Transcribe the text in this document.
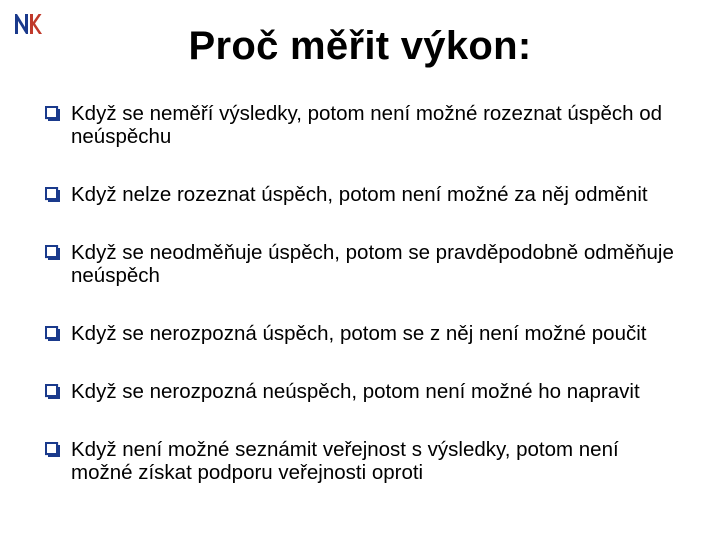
Proč měřit výkon:
Když se neměří výsledky, potom není možné rozeznat úspěch od neúspěchu
Když nelze rozeznat úspěch, potom není možné za něj odměnit
Když se neodměňuje úspěch, potom se pravděpodobně odměňuje neúspěch
Když se nerozpozná úspěch, potom se z něj není možné poučit
Když se nerozpozná neúspěch, potom není možné ho napravit
Když není možné seznámit veřejnost s výsledky, potom není možné získat podporu veřejnosti oproti
